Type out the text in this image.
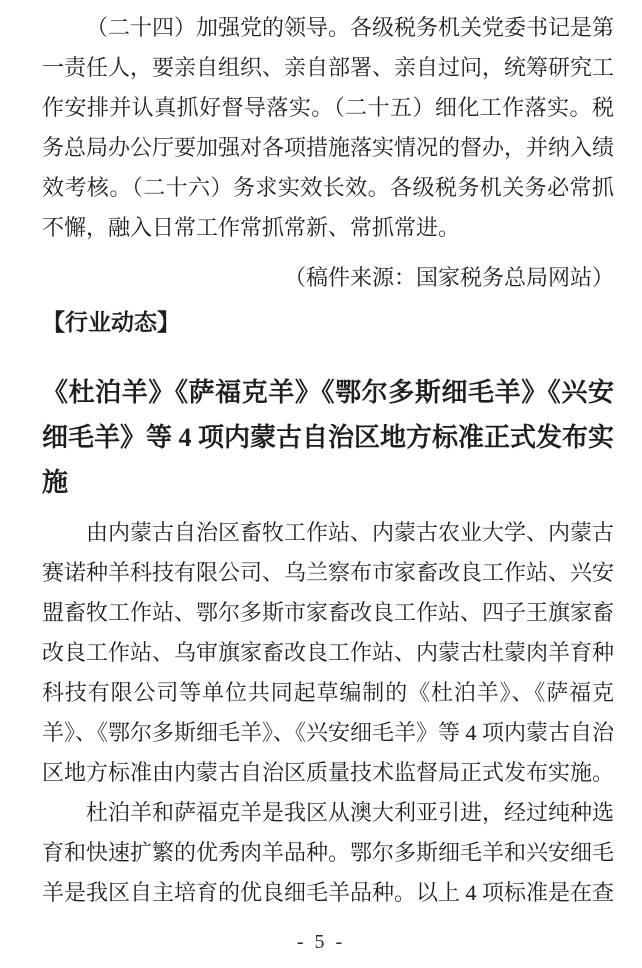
（二十四）加强党的领导。各级税务机关党委书记是第一责任人，要亲自组织、亲自部署、亲自过问，统筹研究工作安排并认真抓好督导落实。（二十五）细化工作落实。税务总局办公厅要加强对各项措施落实情况的督办，并纳入绩效考核。（二十六）务求实效长效。各级税务机关务必常抓不懈，融入日常工作常抓常新、常抓常进。

（稿件来源：国家税务总局网站）

【行业动态】
《杜泊羊》《萨福克羊》《鄂尔多斯细毛羊》《兴安细毛羊》等 4 项内蒙古自治区地方标准正式发布实施

由内蒙古自治区畜牧工作站、内蒙古农业大学、内蒙古赛诺种羊科技有限公司、乌兰察布市家畜改良工作站、兴安盟畜牧工作站、鄂尔多斯市家畜改良工作站、四子王旗家畜改良工作站、乌审旗家畜改良工作站、内蒙古杜蒙肉羊育种科技有限公司等单位共同起草编制的《杜泊羊》、《萨福克羊》、《鄂尔多斯细毛羊》、《兴安细毛羊》等 4 项内蒙古自治区地方标准由内蒙古自治区质量技术监督局正式发布实施。

杜泊羊和萨福克羊是我区从澳大利亚引进，经过纯种选育和快速扩繁的优秀肉羊品种。鄂尔多斯细毛羊和兴安细毛羊是我区自主培育的优良细毛羊品种。以上 4 项标准是在查

- 5 -
